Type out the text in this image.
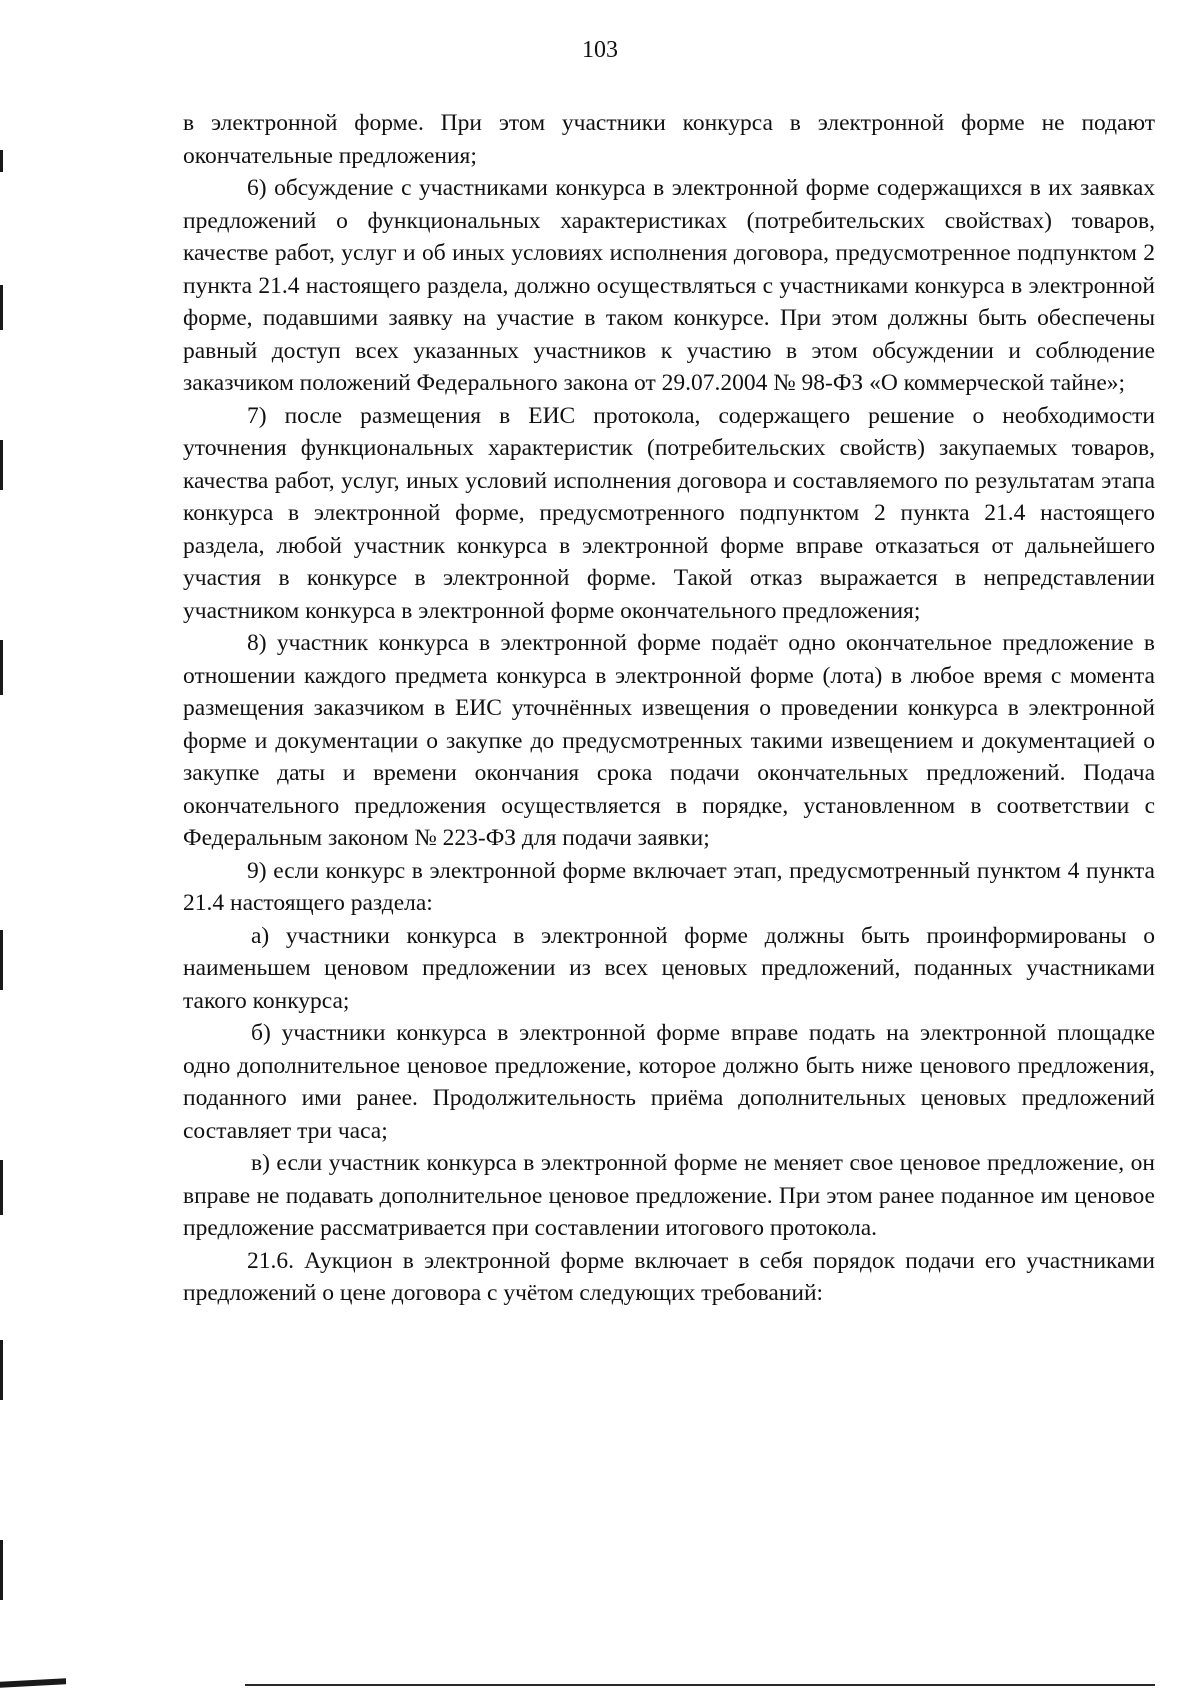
103

в электронной форме. При этом участники конкурса в электронной форме не подают окончательные предложения;

6) обсуждение с участниками конкурса в электронной форме содержащихся в их заявках предложений о функциональных характеристиках (потребительских свойствах) товаров, качестве работ, услуг и об иных условиях исполнения договора, предусмотренное подпунктом 2 пункта 21.4 настоящего раздела, должно осуществляться с участниками конкурса в электронной форме, подавшими заявку на участие в таком конкурсе. При этом должны быть обеспечены равный доступ всех указанных участников к участию в этом обсуждении и соблюдение заказчиком положений Федерального закона от 29.07.2004 № 98-ФЗ «О коммерческой тайне»;

7) после размещения в ЕИС протокола, содержащего решение о необходимости уточнения функциональных характеристик (потребительских свойств) закупаемых товаров, качества работ, услуг, иных условий исполнения договора и составляемого по результатам этапа конкурса в электронной форме, предусмотренного подпунктом 2 пункта 21.4 настоящего раздела, любой участник конкурса в электронной форме вправе отказаться от дальнейшего участия в конкурсе в электронной форме. Такой отказ выражается в непредставлении участником конкурса в электронной форме окончательного предложения;

8) участник конкурса в электронной форме подаёт одно окончательное предложение в отношении каждого предмета конкурса в электронной форме (лота) в любое время с момента размещения заказчиком в ЕИС уточнённых извещения о проведении конкурса в электронной форме и документации о закупке до предусмотренных такими извещением и документацией о закупке даты и времени окончания срока подачи окончательных предложений. Подача окончательного предложения осуществляется в порядке, установленном в соответствии с Федеральным законом № 223-ФЗ для подачи заявки;

9) если конкурс в электронной форме включает этап, предусмотренный пунктом 4 пункта 21.4 настоящего раздела:

а) участники конкурса в электронной форме должны быть проинформированы о наименьшем ценовом предложении из всех ценовых предложений, поданных участниками такого конкурса;

б) участники конкурса в электронной форме вправе подать на электронной площадке одно дополнительное ценовое предложение, которое должно быть ниже ценового предложения, поданного ими ранее. Продолжительность приёма дополнительных ценовых предложений составляет три часа;

в) если участник конкурса в электронной форме не меняет свое ценовое предложение, он вправе не подавать дополнительное ценовое предложение. При этом ранее поданное им ценовое предложение рассматривается при составлении итогового протокола.

21.6. Аукцион в электронной форме включает в себя порядок подачи его участниками предложений о цене договора с учётом следующих требований:
